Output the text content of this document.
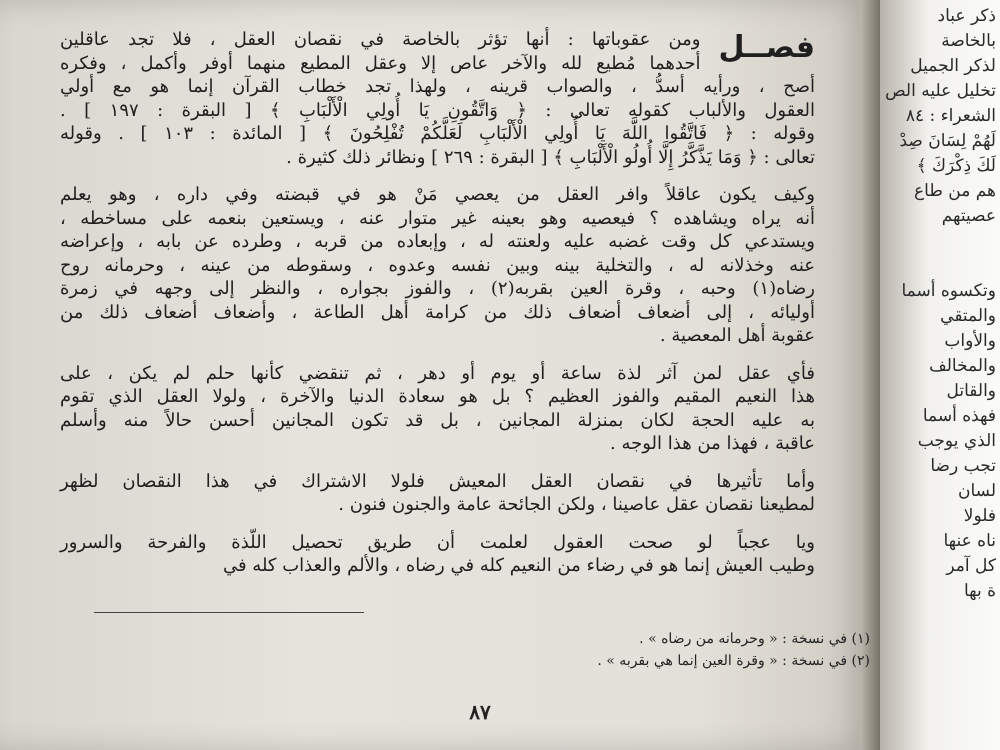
ذكر عباد
بالخاصة
لذكر الجميل
تخليل عليه الص
الشعراء : ٨٤
لَهُمْ لِسَانَ صِدْ
لَكَ ذِكْرَكَ ﴾
هم من طاع
عصيتهم

وتكسوه أسما
والمتقي
والأواب
والمخالف
والقاتل
فهذه أسما
الذي يوجب
تجب رضا
لسان
فلولا
ناه عنها
كل آمر
ة بها
فصــل
ومن عقوباتها : أنها تؤثر بالخاصة في نقصان العقل ، فلا تجد عاقلين
أحدهما مُطيع لله والآخر عاص إلا وعقل المطيع منهما أوفر وأكمل ، وفكره
أصح ، ورأيه أسدُّ ، والصواب قرينه ، ولهذا تجد خطاب القرآن إنما هو مع أولي
العقول والألباب كقوله تعالى : ﴿ وَاتَّقُونِ يَا أُولِي الْأَلْبَابِ ﴾ [ البقرة : ١٩٧ ] .
وقوله : ﴿ فَاتَّقُوا اللَّهَ يَا أُولِي الْأَلْبَابِ لَعَلَّكُمْ تُفْلِحُونَ ﴾ [ المائدة : ١٠٣ ] . وقوله
تعالى : ﴿ وَمَا يَذَّكَّرُ إِلَّا أُولُو الْأَلْبَابِ ﴾ [ البقرة : ٢٦٩ ] ونظائر ذلك كثيرة .
وكيف يكون عاقلاً وافر العقل من يعصي مَنْ هو في قبضته وفي داره ، وهو يعلم
أنه يراه ويشاهده ؟ فيعصيه وهو بعينه غير متوار عنه ، ويستعين بنعمه على مساخطه ،
ويستدعي كل وقت غضبه عليه ولعنته له ، وإبعاده من قربه ، وطرده عن بابه ، وإعراضه
عنه وخذلانه له ، والتخلية بينه وبين نفسه وعدوه ، وسقوطه من عينه ، وحرمانه روح
رضاه(١) وحبه ، وقرة العين بقربه(٢) ، والفوز بجواره ، والنظر إلى وجهه في زمرة
أوليائه ، إلى أضعاف أضعاف ذلك من كرامة أهل الطاعة ، وأضعاف أضعاف ذلك من
عقوبة أهل المعصية .
فأي عقل لمن آثر لذة ساعة أو يوم أو دهر ، ثم تنقضي كأنها حلم لم يكن ، على
هذا النعيم المقيم والفوز العظيم ؟ بل هو سعادة الدنيا والآخرة ، ولولا العقل الذي تقوم
به عليه الحجة لكان بمنزلة المجانين ، بل قد تكون المجانين أحسن حالاً منه وأسلم
عاقبة ، فهذا من هذا الوجه .
وأما تأثيرها في نقصان العقل المعيش فلولا الاشتراك في هذا النقصان لظهر
لمطيعنا نقصان عقل عاصينا ، ولكن الجائحة عامة والجنون فنون .
ويا عجباً لو صحت العقول لعلمت أن طريق تحصيل اللّذة والفرحة والسرور
وطيب العيش إنما هو في رضاء من النعيم كله في رضاه ، والألم والعذاب كله في
(١) في نسخة : « وحرمانه من رضاه » .
(٢) في نسخة : « وقرة العين إنما هي بقربه » .
٨٧
